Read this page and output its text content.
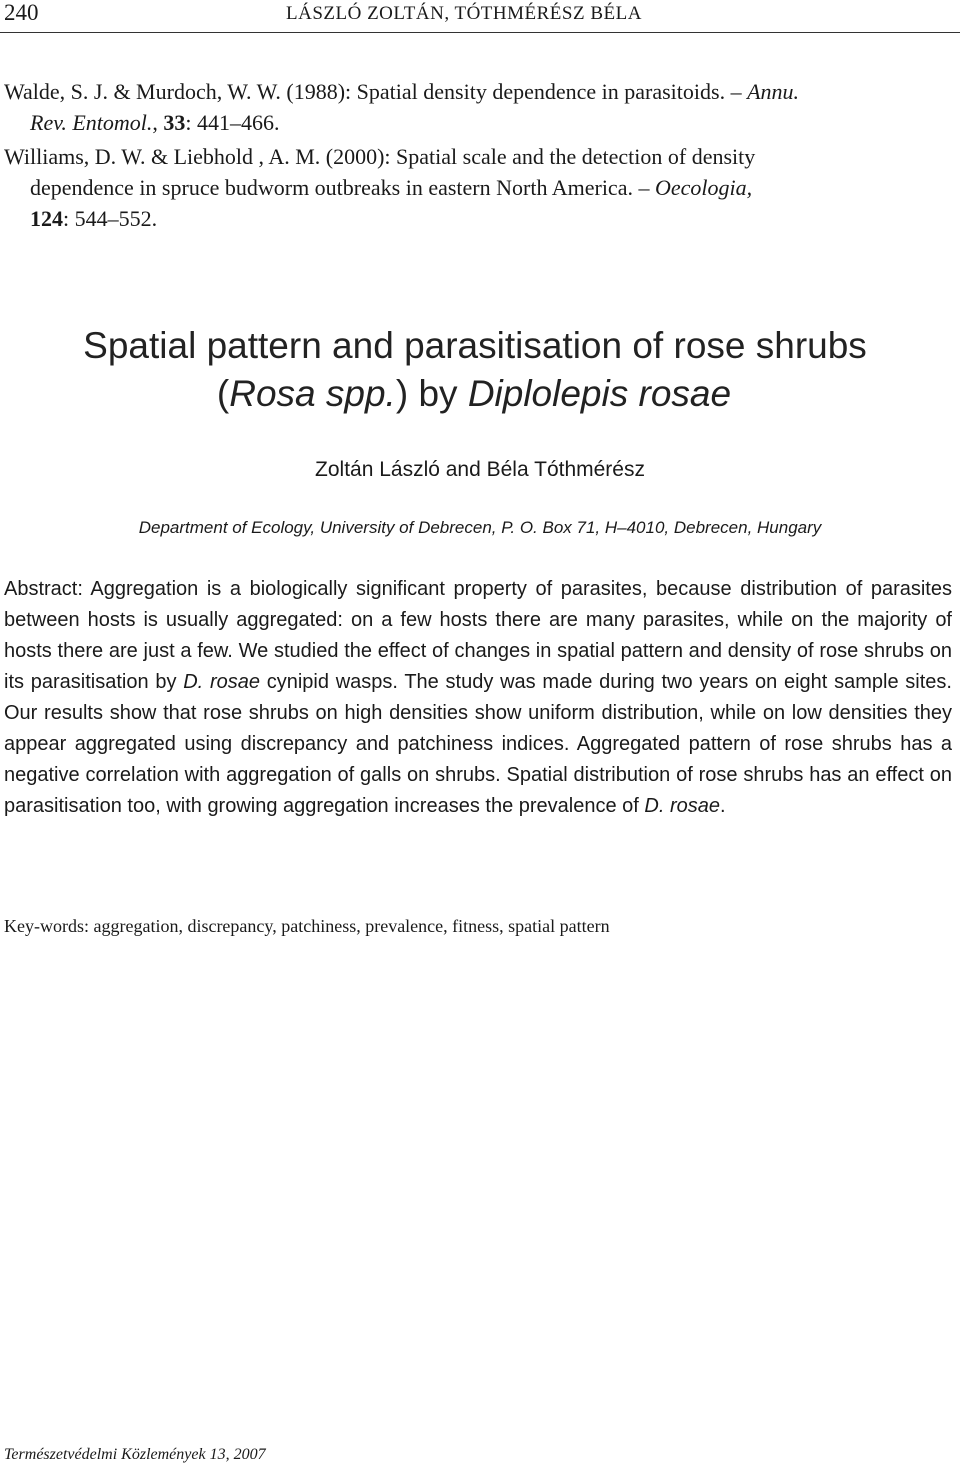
240	LÁSZLÓ ZOLTÁN, TÓTHMÉRÉSZ BÉLA
Walde, S. J. & Murdoch, W. W. (1988): Spatial density dependence in parasitoids. – Annu.
Rev. Entomol., 33: 441–466.
Williams, D. W. & Liebhold , A. M. (2000): Spatial scale and the detection of density
dependence in spruce budworm outbreaks in eastern North America. – Oecologia,
124: 544–552.
Spatial pattern and parasitisation of rose shrubs
(Rosa spp.) by Diplolepis rosae
Zoltán László and Béla Tóthmérész
Department of Ecology, University of Debrecen, P. O. Box 71, H–4010, Debrecen, Hungary
Abstract: Aggregation is a biologically significant property of parasites, because distribution of parasites between hosts is usually aggregated: on a few hosts there are many parasites, while on the majority of hosts there are just a few. We studied the effect of changes in spatial pattern and density of rose shrubs on its parasitisation by D. rosae cynipid wasps. The study was made during two years on eight sample sites. Our results show that rose shrubs on high densities show uniform distribution, while on low densities they appear aggregated using discrepancy and patchiness indices. Aggregated pattern of rose shrubs has a negative correlation with aggregation of galls on shrubs. Spatial distribution of rose shrubs has an effect on parasitisation too, with growing aggregation increases the prevalence of D. rosae.
Key-words: aggregation, discrepancy, patchiness, prevalence, fitness, spatial pattern
Természetvédelmi Közlemények 13, 2007
